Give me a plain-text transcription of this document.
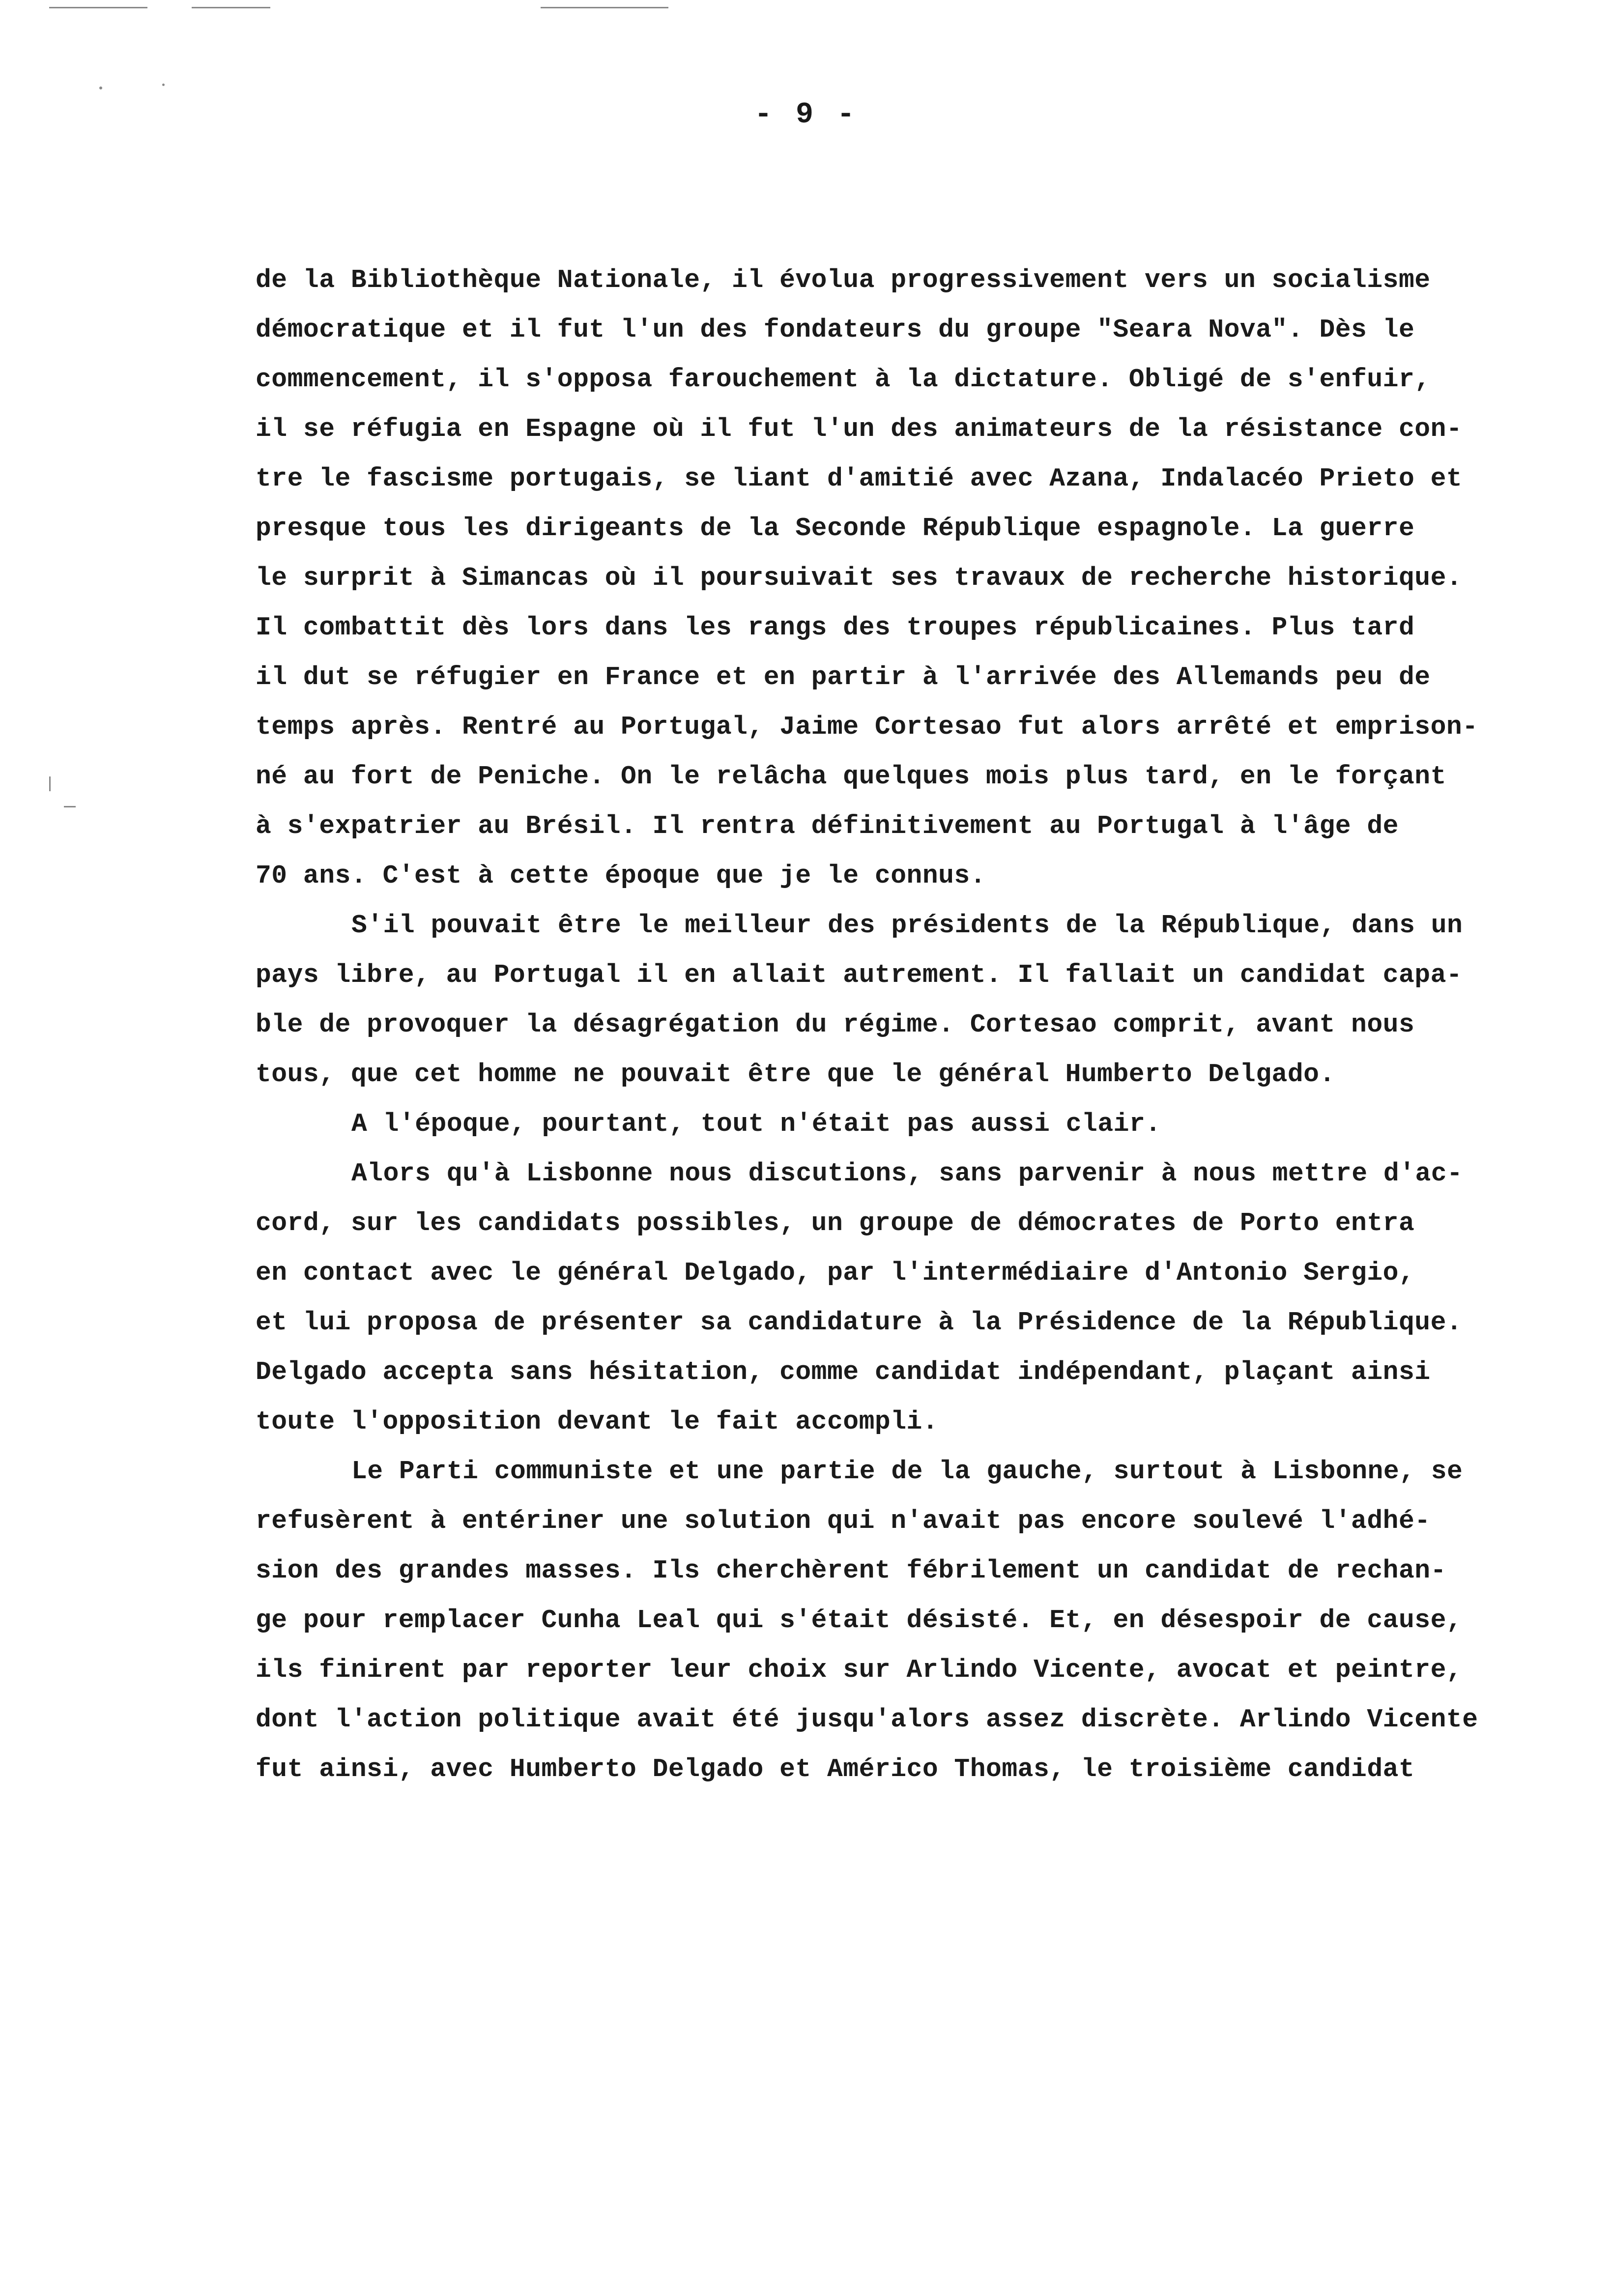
- 9 -
de la Bibliothèque Nationale, il évolua progressivement vers un socialisme
démocratique et il fut l'un des fondateurs du groupe "Seara Nova". Dès le
commencement, il s'opposa farouchement à la dictature. Obligé de s'enfuir,
il se réfugia en Espagne où il fut l'un des animateurs de la résistance con-
tre le fascisme portugais, se liant d'amitié avec Azana, Indalacéo Prieto et
presque tous les dirigeants de la Seconde République espagnole. La guerre
le surprit à Simancas où il poursuivait ses travaux de recherche historique.
Il combattit dès lors dans les rangs des troupes républicaines. Plus tard
il dut se réfugier en France et en partir à l'arrivée des Allemands peu de
temps après. Rentré au Portugal, Jaime Cortesao fut alors arrêté et emprison-
né au fort de Peniche. On le relâcha quelques mois plus tard, en le forçant
à s'expatrier au Brésil. Il rentra définitivement au Portugal à l'âge de
70 ans. C'est à cette époque que je le connus.
S'il pouvait être le meilleur des présidents de la République, dans un
pays libre, au Portugal il en allait autrement. Il fallait un candidat capa-
ble de provoquer la désagrégation du régime. Cortesao comprit, avant nous
tous, que cet homme ne pouvait être que le général Humberto Delgado.
A l'époque, pourtant, tout n'était pas aussi clair.
Alors qu'à Lisbonne nous discutions, sans parvenir à nous mettre d'ac-
cord, sur les candidats possibles, un groupe de démocrates de Porto entra
en contact avec le général Delgado, par l'intermédiaire d'Antonio Sergio,
et lui proposa de présenter sa candidature à la Présidence de la République.
Delgado accepta sans hésitation, comme candidat indépendant, plaçant ainsi
toute l'opposition devant le fait accompli.
Le Parti communiste et une partie de la gauche, surtout à Lisbonne, se
refusèrent à entériner une solution qui n'avait pas encore soulevé l'adhé-
sion des grandes masses. Ils cherchèrent fébrilement un candidat de rechan-
ge pour remplacer Cunha Leal qui s'était désisté. Et, en désespoir de cause,
ils finirent par reporter leur choix sur Arlindo Vicente, avocat et peintre,
dont l'action politique avait été jusqu'alors assez discrète. Arlindo Vicente
fut ainsi, avec Humberto Delgado et Américo Thomas, le troisième candidat
